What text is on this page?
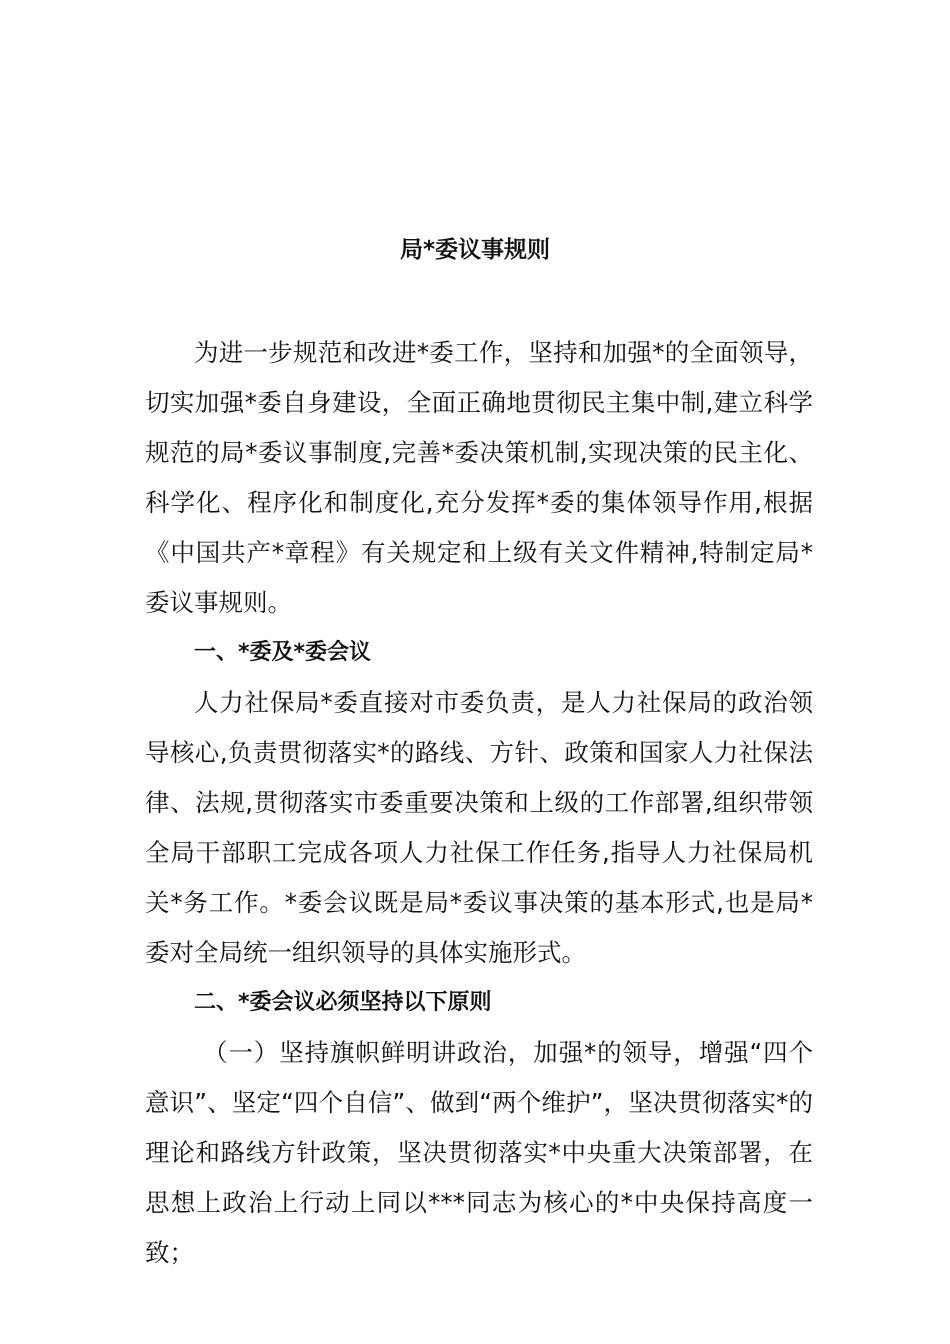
局*委议事规则

为进一步规范和改进*委工作，坚持和加强*的全面领导，切实加强*委自身建设，全面正确地贯彻民主集中制,建立科学规范的局*委议事制度,完善*委决策机制,实现决策的民主化、科学化、程序化和制度化,充分发挥*委的集体领导作用,根据《中国共产*章程》有关规定和上级有关文件精神,特制定局*委议事规则。

一、*委及*委会议

人力社保局*委直接对市委负责，是人力社保局的政治领导核心,负责贯彻落实*的路线、方针、政策和国家人力社保法律、法规,贯彻落实市委重要决策和上级的工作部署,组织带领全局干部职工完成各项人力社保工作任务,指导人力社保局机关*务工作。*委会议既是局*委议事决策的基本形式,也是局*委对全局统一组织领导的具体实施形式。

二、*委会议必须坚持以下原则

（一）坚持旗帜鲜明讲政治，加强*的领导，增强“四个意识”、坚定“四个自信”、做到“两个维护”，坚决贯彻落实*的理论和路线方针政策，坚决贯彻落实*中央重大决策部署，在思想上政治上行动上同以***同志为核心的*中央保持高度一致；
